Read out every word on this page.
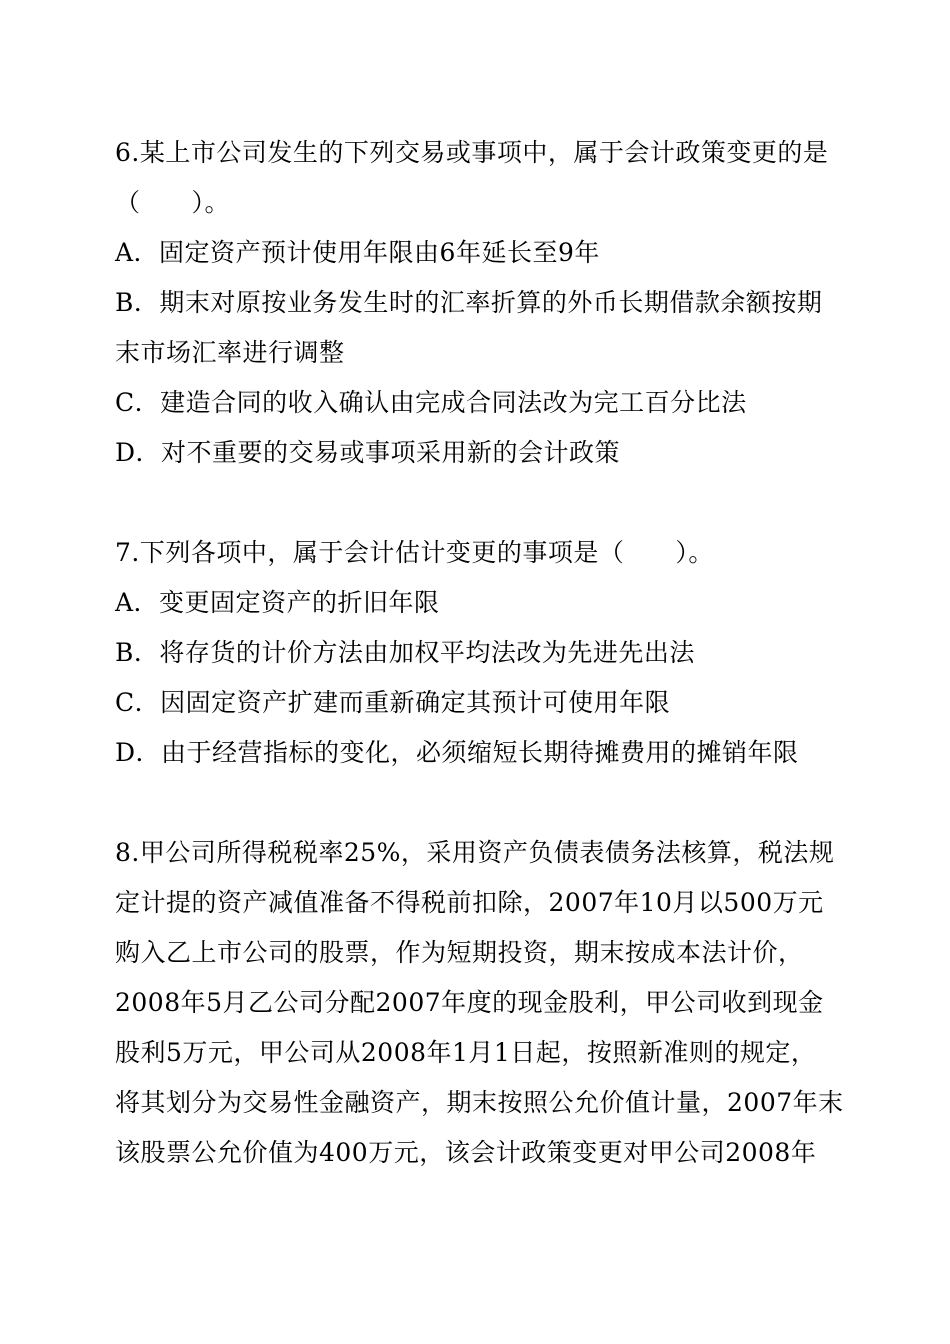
6.某上市公司发生的下列交易或事项中，属于会计政策变更的是
（　　）。
A．固定资产预计使用年限由6年延长至9年
B．期末对原按业务发生时的汇率折算的外币长期借款余额按期
末市场汇率进行调整
C．建造合同的收入确认由完成合同法改为完工百分比法
D．对不重要的交易或事项采用新的会计政策
7.下列各项中，属于会计估计变更的事项是（　　）。
A．变更固定资产的折旧年限
B．将存货的计价方法由加权平均法改为先进先出法
C．因固定资产扩建而重新确定其预计可使用年限
D．由于经营指标的变化，必须缩短长期待摊费用的摊销年限
8.甲公司所得税税率25%，采用资产负债表债务法核算，税法规
定计提的资产减值准备不得税前扣除，2007年10月以500万元
购入乙上市公司的股票，作为短期投资，期末按成本法计价，
2008年5月乙公司分配2007年度的现金股利，甲公司收到现金
股利5万元，甲公司从2008年1月1日起，按照新准则的规定，
将其划分为交易性金融资产，期末按照公允价值计量，2007年末
该股票公允价值为400万元，该会计政策变更对甲公司2008年
